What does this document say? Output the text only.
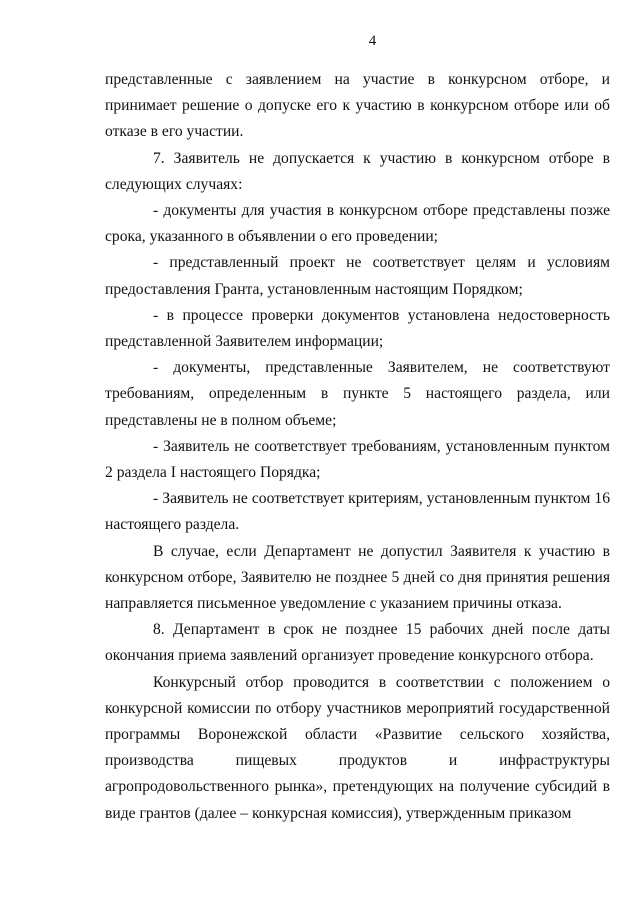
4

представленные с заявлением на участие в конкурсном отборе, и принимает решение о допуске его к участию в конкурсном отборе или об отказе в его участии.

7. Заявитель не допускается к участию в конкурсном отборе в следующих случаях:

- документы для участия в конкурсном отборе представлены позже срока, указанного в объявлении о его проведении;

- представленный проект не соответствует целям и условиям предоставления Гранта, установленным настоящим Порядком;

- в процессе проверки документов установлена недостоверность представленной Заявителем информации;

- документы, представленные Заявителем, не соответствуют требованиям, определенным в пункте 5 настоящего раздела, или представлены не в полном объеме;

- Заявитель не соответствует требованиям, установленным пунктом 2 раздела I настоящего Порядка;

- Заявитель не соответствует критериям, установленным пунктом 16 настоящего раздела.

В случае, если Департамент не допустил Заявителя к участию в конкурсном отборе, Заявителю не позднее 5 дней со дня принятия решения направляется письменное уведомление с указанием причины отказа.

8. Департамент в срок не позднее 15 рабочих дней после даты окончания приема заявлений организует проведение конкурсного отбора.

Конкурсный отбор проводится в соответствии с положением о конкурсной комиссии по отбору участников мероприятий государственной программы Воронежской области «Развитие сельского хозяйства, производства пищевых продуктов и инфраструктуры агропродовольственного рынка», претендующих на получение субсидий в виде грантов (далее – конкурсная комиссия), утвержденным приказом
